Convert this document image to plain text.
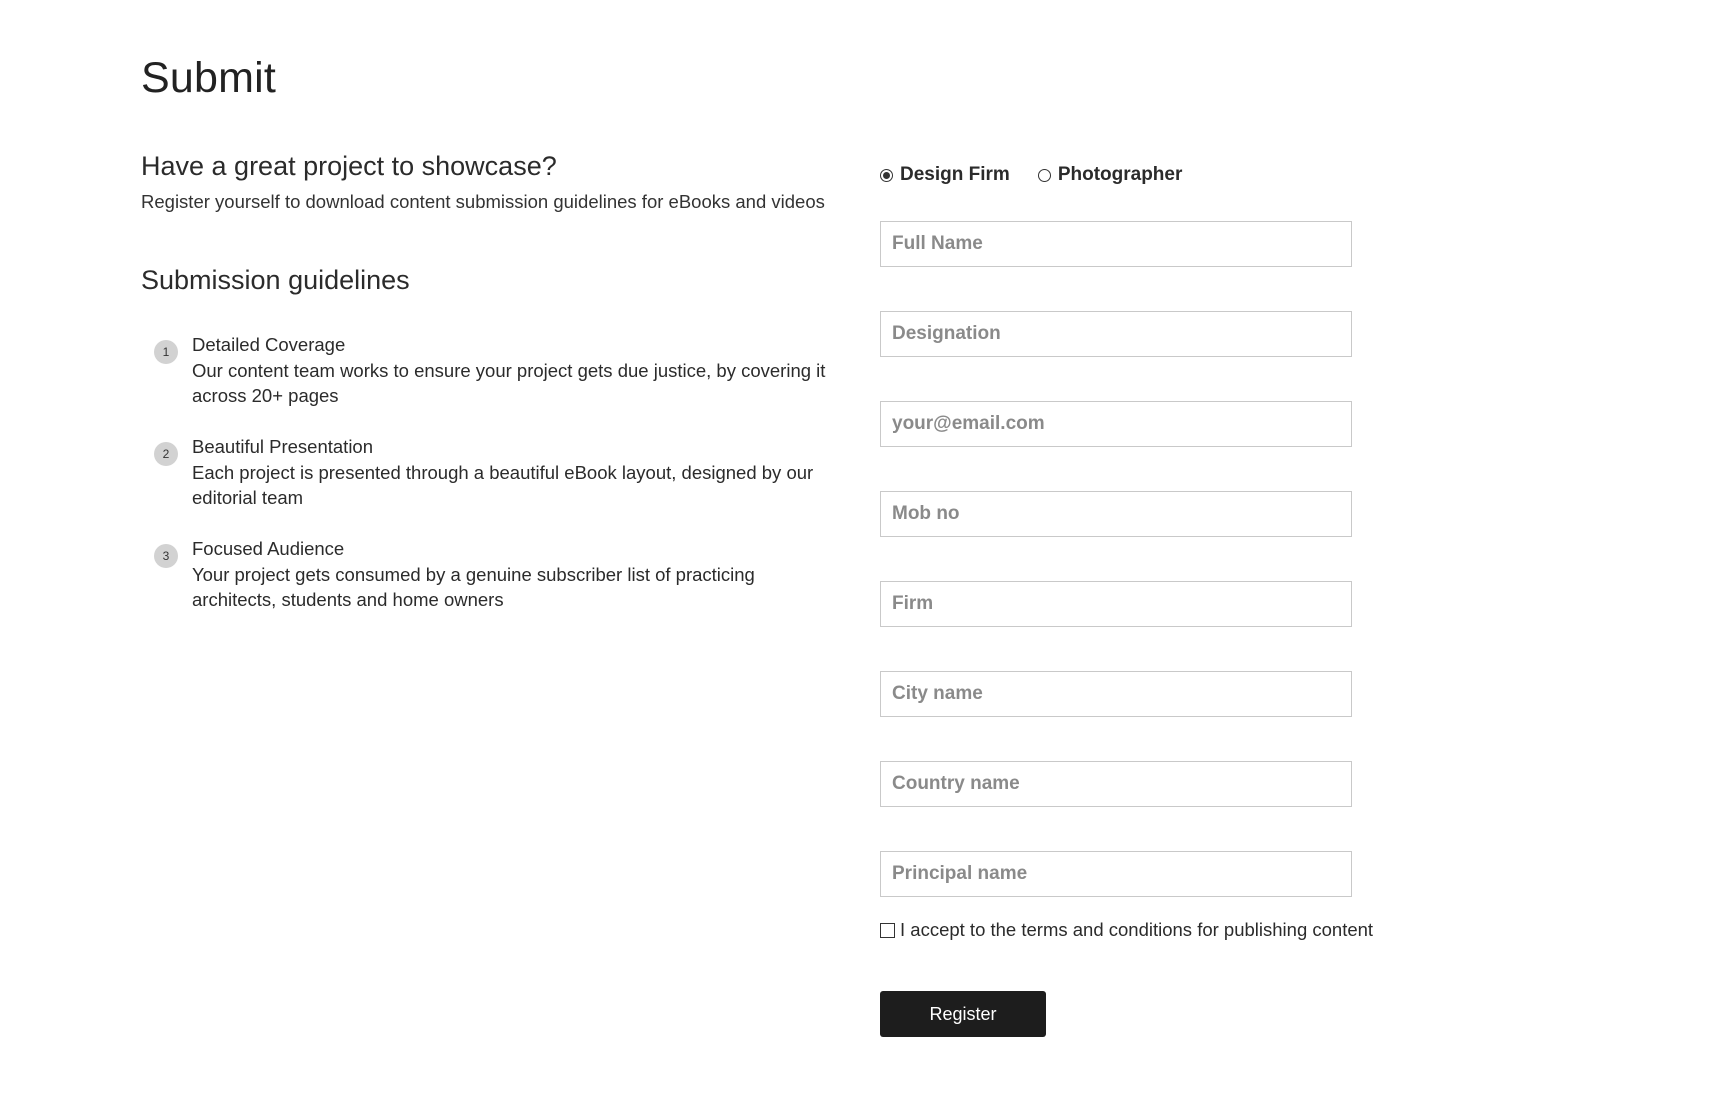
Submit
Have a great project to showcase?

Register yourself to download content submission guidelines for eBooks and videos

Submission guidelines
1	Detailed Coverage
Our content team works to ensure your project gets due justice, by covering it across 20+ pages
2	Beautiful Presentation
Each project is presented through a beautiful eBook layout, designed by our editorial team
3	Focused Audience
Your project gets consumed by a genuine subscriber list of practicing architects, students and home owners
Design Firm	Photographer
Full Name
Designation
your@email.com
Mob no
Firm
City name
Country name
Principal name
I accept to the terms and conditions for publishing content
Register
